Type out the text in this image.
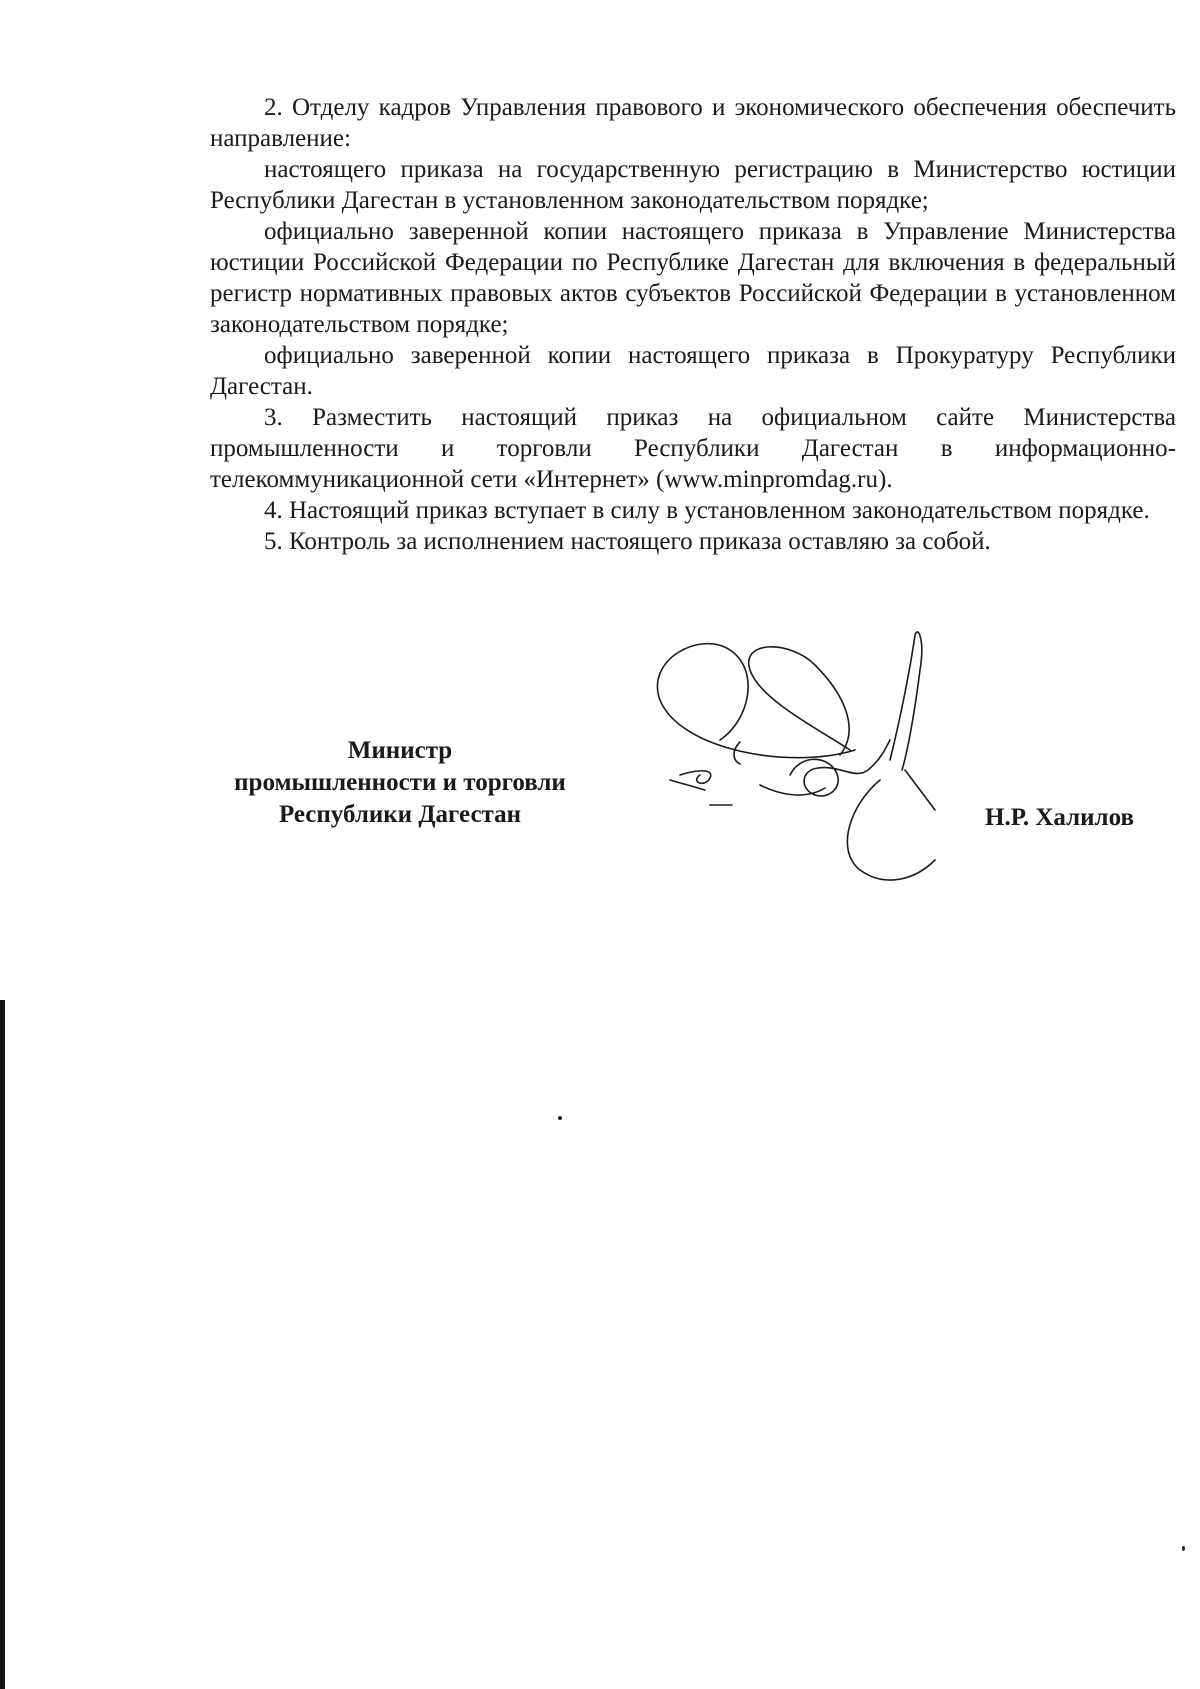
2. Отделу кадров Управления правового и экономического обеспечения обеспечить направление:

настоящего приказа на государственную регистрацию в Министерство юстиции Республики Дагестан в установленном законодательством порядке;

официально заверенной копии настоящего приказа в Управление Министерства юстиции Российской Федерации по Республике Дагестан для включения в федеральный регистр нормативных правовых актов субъектов Российской Федерации в установленном законодательством порядке;

официально заверенной копии настоящего приказа в Прокуратуру Республики Дагестан.

3. Разместить настоящий приказ на официальном сайте Министерства промышленности и торговли Республики Дагестан в информационно-телекоммуникационной сети «Интернет» (www.minpromdag.ru).

4. Настоящий приказ вступает в силу в установленном законодательством порядке.

5. Контроль за исполнением настоящего приказа оставляю за собой.

Министр
промышленности и торговли
Республики Дагестан	Н.Р. Халилов
